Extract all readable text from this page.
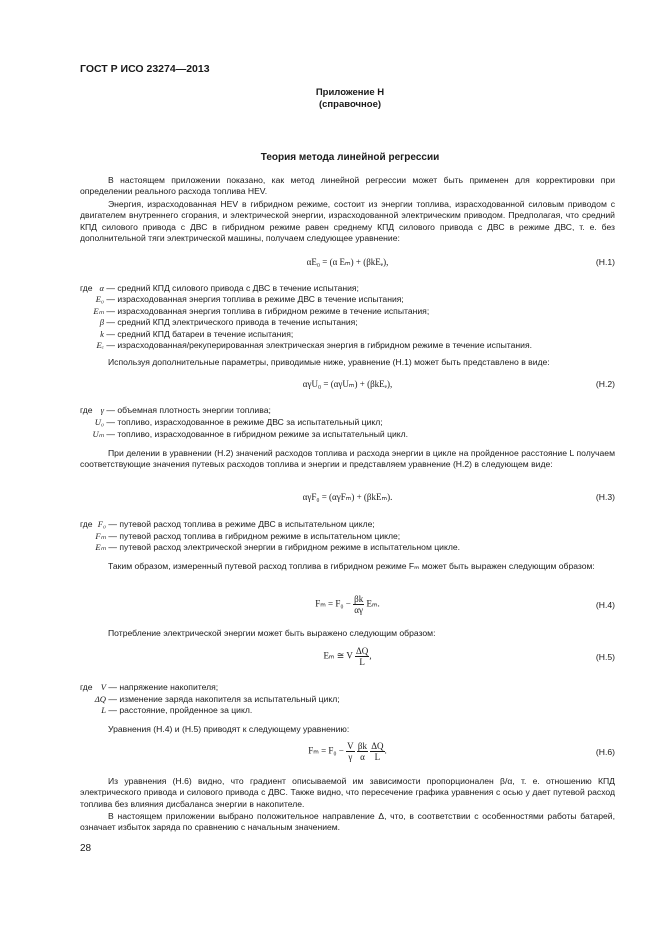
ГОСТ Р ИСО 23274—2013
Приложение Н
(справочное)
Теория метода линейной регрессии
В настоящем приложении показано, как метод линейной регрессии может быть применен для корректировки при определении реального расхода топлива HEV.
Энергия, израсходованная HEV в гибридном режиме, состоит из энергии топлива, израсходованной силовым приводом с двигателем внутреннего сгорания, и электрической энергии, израсходованной электрическим приводом. Предполагая, что средний КПД силового привода с ДВС в гибридном режиме равен среднему КПД силового привода с ДВС в режиме ДВС, т. е. без дополнительной тяги электрической машины, получаем следующее уравнение:
αE₀ = (α Eₘ) + (βkEₑ),	(Н.1)
где α — средний КПД силового привода с ДВС в течение испытания;
E₀ — израсходованная энергия топлива в режиме ДВС в течение испытания;
Eₘ — израсходованная энергия топлива в гибридном режиме в течение испытания;
β — средний КПД электрического привода в течение испытания;
k — средний КПД батареи в течение испытания;
Eₑ — израсходованная/рекуперированная электрическая энергия в гибридном режиме в течение испытания.
Используя дополнительные параметры, приводимые ниже, уравнение (Н.1) может быть представлено в виде:
αγU₀ = (αγUₘ) + (βkEₑ),	(Н.2)
где γ — объемная плотность энергии топлива;
U₀ — топливо, израсходованное в режиме ДВС за испытательный цикл;
Uₘ — топливо, израсходованное в гибридном режиме за испытательный цикл.
При делении в уравнении (Н.2) значений расходов топлива и расхода энергии в цикле на пройденное расстояние L получаем соответствующие значения путевых расходов топлива и энергии и представляем уравнение (Н.2) в следующем виде:
αγF₀ = (αγFₘ) + (βkEₘ).	(Н.3)
где F₀ — путевой расход топлива в режиме ДВС в испытательном цикле;
Fₘ — путевой расход топлива в гибридном режиме в испытательном цикле;
Eₘ — путевой расход электрической энергии в гибридном режиме в испытательном цикле.
Таким образом, измеренный путевой расход топлива в гибридном режиме Fₘ может быть выражен следующим образом:
$F_m = F_0 - \frac{\beta k}{\alpha\gamma} E_m$.	(Н.4)
Потребление электрической энергии может быть выражено следующим образом:
Eₘ ≅ V $\frac{\Delta Q}{L}$ ,	(Н.5)
где V — напряжение накопителя;
ΔQ — изменение заряда накопителя за испытательный цикл;
L — расстояние, пройденное за цикл.
Уравнения (Н.4) и (Н.5) приводят к следующему уравнению:
$F_m = F_0 - \frac{V}{\gamma}$
$\frac{\beta k}{\alpha}$
$\frac{\Delta Q}{L}$ .	(Н.6)
Из уравнения (Н.6) видно, что градиент описываемой им зависимости пропорционален β/α, т. е. отношению КПД электрического привода и силового привода с ДВС. Также видно, что пересечение графика уравнения с осью y дает путевой расход топлива без влияния дисбаланса энергии в накопителе.
В настоящем приложении выбрано положительное направление Δ, что, в соответствии с особенностями работы батарей, означает избыток заряда по сравнению с начальным значением.
28
